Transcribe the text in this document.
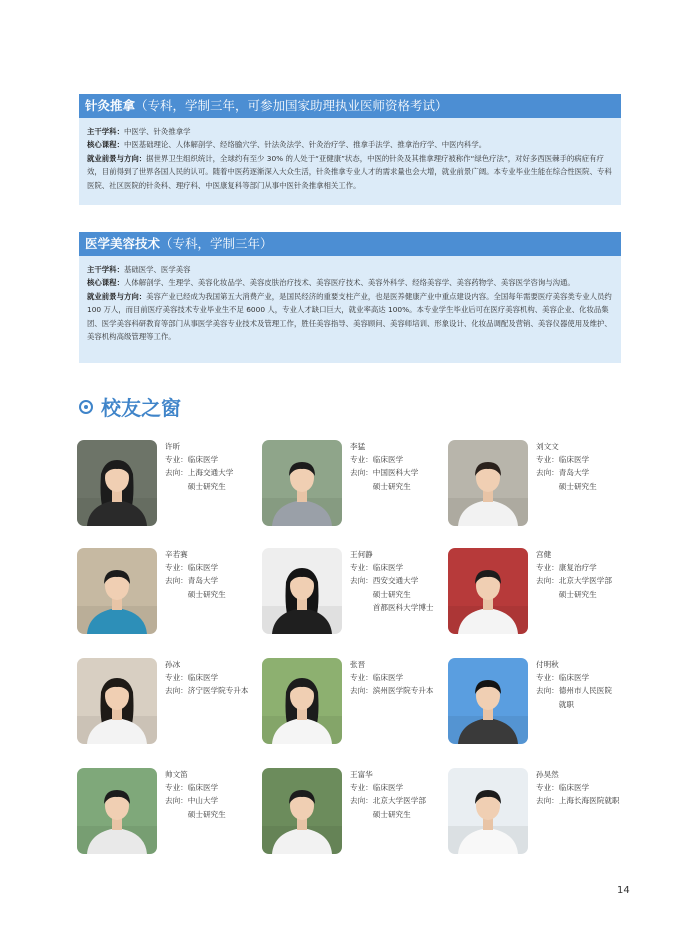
针灸推拿（专科，学制三年，可参加国家助理执业医师资格考试）

主干学科：中医学、针灸推拿学

核心课程：中医基础理论、人体解剖学、经络腧穴学、针法灸法学、针灸治疗学、推拿手法学、推拿治疗学、中医内科学。

就业前景与方向：据世界卫生组织统计，全球约有至少 30% 的人处于“亚健康”状态，中医的针灸及其推拿理疗被称作“绿色疗法”，对好多西医棘手的病症有疗效，目前得到了世界各国人民的认可。随着中医药逐渐深入大众生活，针灸推拿专业人才的需求量也会大增，就业前景广阔。本专业毕业生能在综合性医院、专科医院、社区医院的针灸科、理疗科、中医康复科等部门从事中医针灸推拿相关工作。

医学美容技术（专科，学制三年）

主干学科：基础医学、医学美容

核心课程：人体解剖学、生理学、美容化妆品学、美容皮肤治疗技术、美容医疗技术、美容外科学、经络美容学、美容药物学、美容医学咨询与沟通。

就业前景与方向：美容产业已经成为我国第五大消费产业，是国民经济的重要支柱产业，也是医养健康产业中重点建设内容。全国每年需要医疗美容类专业人员约 100 万人，而目前医疗美容技术专业毕业生不足 6000 人，专业人才缺口巨大，就业率高达 100%。本专业学生毕业后可在医疗美容机构、美容企业、化妆品集团、医学美容科研教育等部门从事医学美容专业技术及管理工作，胜任美容指导、美容顾问、美容师培训、形象设计、化妆品调配及营销、美容仪器使用及维护、美容机构高级管理等工作。

校友之窗
许昕
专业： 临床医学
去向： 上海交通大学
硕士研究生
李猛
专业： 临床医学
去向： 中国医科大学
硕士研究生
刘文文
专业： 临床医学
去向： 青岛大学
硕士研究生
辛若赛
专业： 临床医学
去向： 青岛大学
硕士研究生
王何静
专业： 临床医学
去向： 西安交通大学
硕士研究生
首都医科大学博士
宫健
专业： 康复治疗学
去向： 北京大学医学部
硕士研究生
孙冰
专业： 临床医学
去向： 济宁医学院专升本
张晋
专业： 临床医学
去向： 滨州医学院专升本
付明秋
专业： 临床医学
去向： 德州市人民医院
就职
帅文笛
专业： 临床医学
去向： 中山大学
硕士研究生
王富华
专业： 临床医学
去向： 北京大学医学部
硕士研究生
孙昊然
专业： 临床医学
去向： 上海长海医院就职
14
